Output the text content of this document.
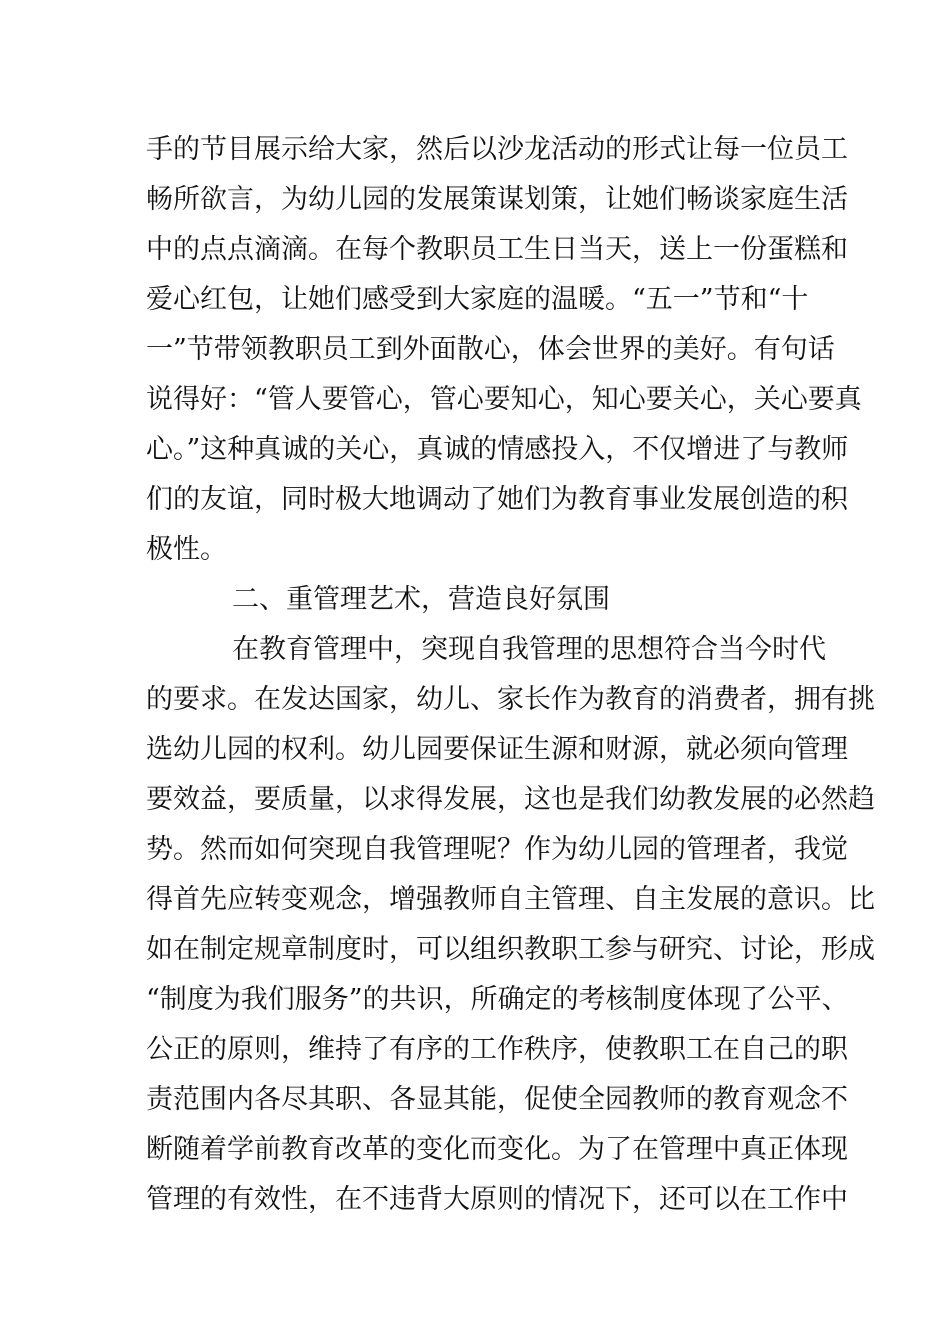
手的节目展示给大家，然后以沙龙活动的形式让每一位员工
畅所欲言，为幼儿园的发展策谋划策，让她们畅谈家庭生活
中的点点滴滴。在每个教职员工生日当天，送上一份蛋糕和
爱心红包，让她们感受到大家庭的温暖。“五一”节和“十
一”节带领教职员工到外面散心，体会世界的美好。有句话
说得好：“管人要管心，管心要知心，知心要关心，关心要真
心。”这种真诚的关心，真诚的情感投入，不仅增进了与教师
们的友谊，同时极大地调动了她们为教育事业发展创造的积
极性。
二、重管理艺术，营造良好氛围
在教育管理中，突现自我管理的思想符合当今时代
的要求。在发达国家，幼儿、家长作为教育的消费者，拥有挑
选幼儿园的权利。幼儿园要保证生源和财源，就必须向管理
要效益，要质量，以求得发展，这也是我们幼教发展的必然趋
势。然而如何突现自我管理呢？作为幼儿园的管理者，我觉
得首先应转变观念，增强教师自主管理、自主发展的意识。比
如在制定规章制度时，可以组织教职工参与研究、讨论，形成
“制度为我们服务”的共识，所确定的考核制度体现了公平、
公正的原则，维持了有序的工作秩序，使教职工在自己的职
责范围内各尽其职、各显其能，促使全园教师的教育观念不
断随着学前教育改革的变化而变化。为了在管理中真正体现
管理的有效性，在不违背大原则的情况下，还可以在工作中
